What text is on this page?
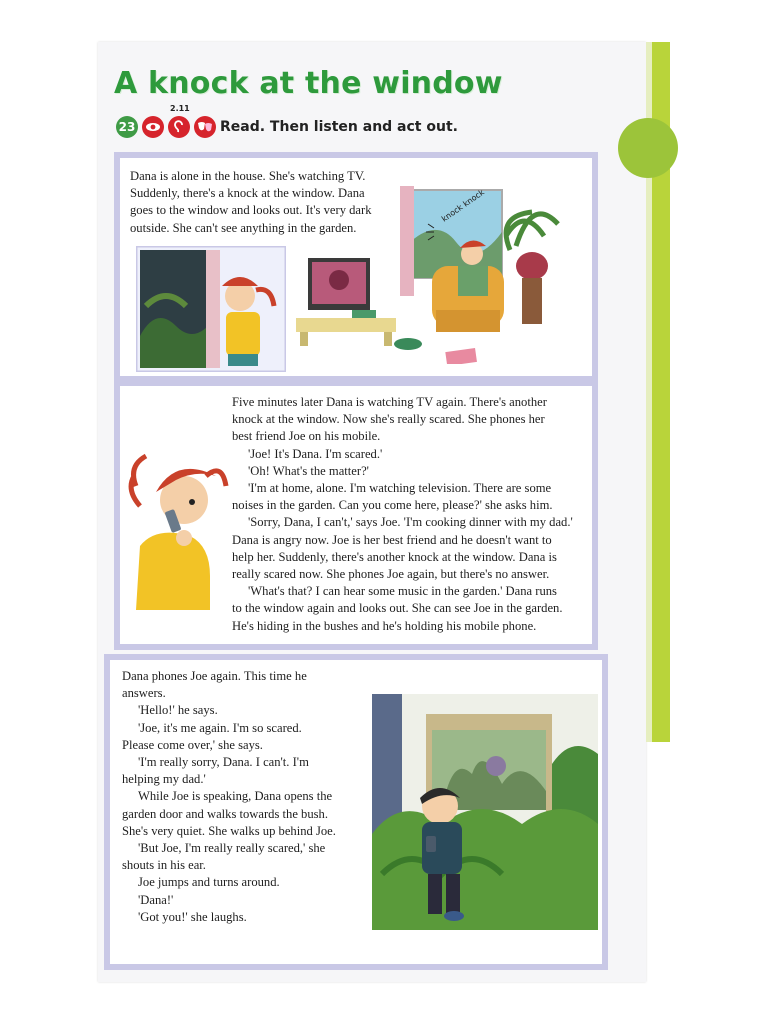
A knock at the window
23
2.11
Read. Then listen and act out.

Dana is alone in the house. She's watching TV.

Suddenly, there's a knock at the window. Dana

goes to the window and looks out. It's very dark

outside. She can't see anything in the garden.

knock knock

Five minutes later Dana is watching TV again. There's another

knock at the window. Now she's really scared. She phones her

best friend Joe on his mobile.

'Joe! It's Dana. I'm scared.'

'Oh! What's the matter?'

'I'm at home, alone. I'm watching television. There are some

noises in the garden. Can you come here, please?' she asks him.

'Sorry, Dana, I can't,' says Joe. 'I'm cooking dinner with my dad.'

Dana is angry now. Joe is her best friend and he doesn't want to

help her. Suddenly, there's another knock at the window. Dana is

really scared now. She phones Joe again, but there's no answer.

'What's that? I can hear some music in the garden.' Dana runs

to the window again and looks out. She can see Joe in the garden.

He's hiding in the bushes and he's holding his mobile phone.

Dana phones Joe again. This time he

answers.

'Hello!' he says.

'Joe, it's me again. I'm so scared.

Please come over,' she says.

'I'm really sorry, Dana. I can't. I'm

helping my dad.'

While Joe is speaking, Dana opens the

garden door and walks towards the bush.

She's very quiet. She walks up behind Joe.

'But Joe, I'm really really scared,' she

shouts in his ear.

Joe jumps and turns around.

'Dana!'

'Got you!' she laughs.
